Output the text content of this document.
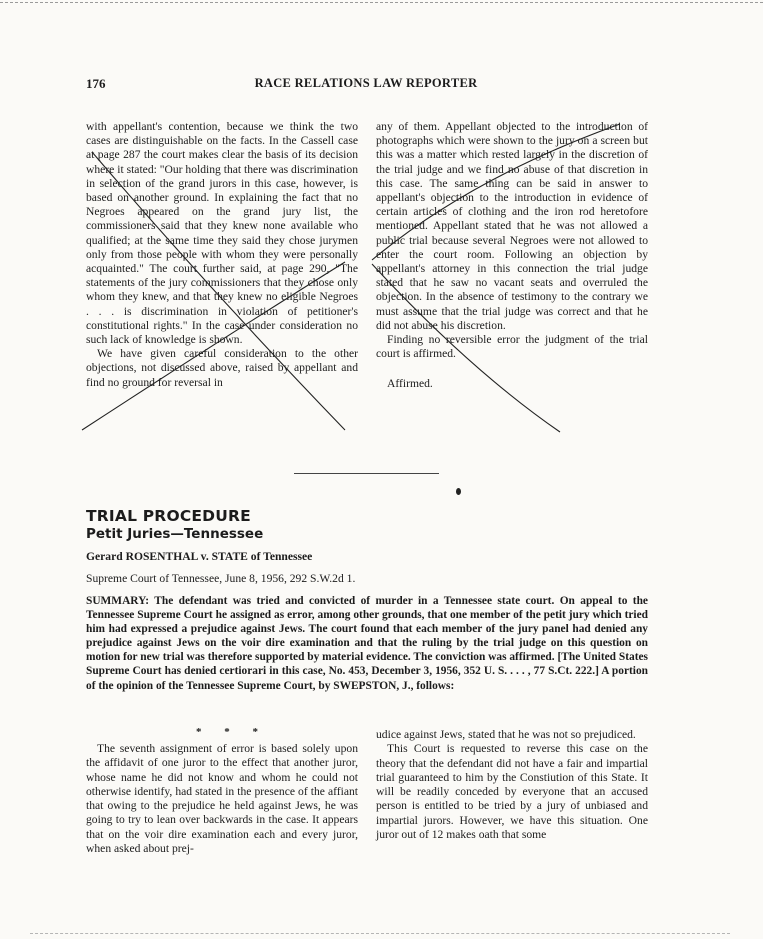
176	RACE RELATIONS LAW REPORTER

with appellant's contention, because we think the two cases are distinguishable on the facts. In the Cassell case at page 287 the court makes clear the basis of its decision where it stated: "Our holding that there was discrimination in selection of the grand jurors in this case, however, is based on another ground. In explaining the fact that no Negroes appeared on the grand jury list, the commissioners said that they knew none available who qualified; at the same time they said they chose jurymen only from those people with whom they were personally acquainted." The court further said, at page 290, "The statements of the jury commissioners that they chose only whom they knew, and that they knew no eligible Negroes . . . is discrimination in violation of petitioner's constitutional rights." In the case under consideration no such lack of knowledge is shown.

We have given careful consideration to the other objections, not discussed above, raised by appellant and find no ground for reversal in

any of them. Appellant objected to the introduction of photographs which were shown to the jury on a screen but this was a matter which rested largely in the discretion of the trial judge and we find no abuse of that discretion in this case. The same thing can be said in answer to appellant's objection to the introduction in evidence of certain articles of clothing and the iron rod heretofore mentioned. Appellant stated that he was not allowed a public trial because several Negroes were not allowed to enter the court room. Following an objection by appellant's attorney in this connection the trial judge stated that he saw no vacant seats and overruled the objection. In the absence of testimony to the contrary we must assume that the trial judge was correct and that he did not abuse his discretion.

Finding no reversible error the judgment of the trial court is affirmed.

Affirmed.

TRIAL PROCEDURE
Petit Juries—Tennessee
Gerard ROSENTHAL v. STATE of Tennessee
Supreme Court of Tennessee, June 8, 1956, 292 S.W.2d 1.

SUMMARY: The defendant was tried and convicted of murder in a Tennessee state court. On appeal to the Tennessee Supreme Court he assigned as error, among other grounds, that one member of the petit jury which tried him had expressed a prejudice against Jews. The court found that each member of the jury panel had denied any prejudice against Jews on the voir dire examination and that the ruling by the trial judge on this question on motion for new trial was therefore supported by material evidence. The conviction was affirmed. [The United States Supreme Court has denied certiorari in this case, No. 453, December 3, 1956, 352 U. S. . . . , 77 S.Ct. 222.] A portion of the opinion of the Tennessee Supreme Court, by SWEPSTON, J., follows:

* * *

The seventh assignment of error is based solely upon the affidavit of one juror to the effect that another juror, whose name he did not know and whom he could not otherwise identify, had stated in the presence of the affiant that owing to the prejudice he held against Jews, he was going to try to lean over backwards in the case. It appears that on the voir dire examination each and every juror, when asked about prej-

udice against Jews, stated that he was not so prejudiced.

This Court is requested to reverse this case on the theory that the defendant did not have a fair and impartial trial guaranteed to him by the Constiution of this State. It will be readily conceded by everyone that an accused person is entitled to be tried by a jury of unbiased and impartial jurors. However, we have this situation. One juror out of 12 makes oath that some
